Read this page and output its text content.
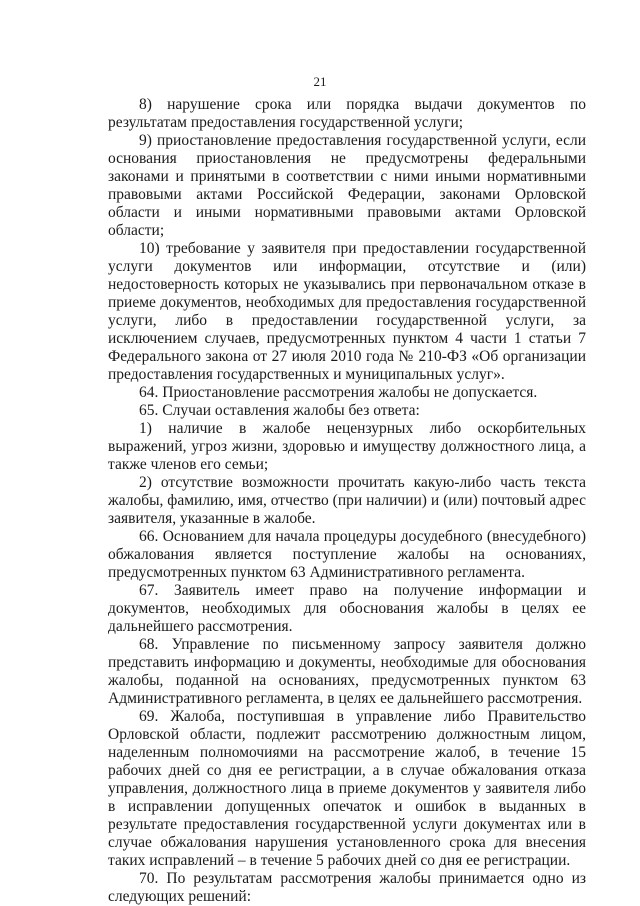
21

8) нарушение срока или порядка выдачи документов по результатам предоставления государственной услуги;

9) приостановление предоставления государственной услуги, если основания приостановления не предусмотрены федеральными законами и принятыми в соответствии с ними иными нормативными правовыми актами Российской Федерации, законами Орловской области и иными нормативными правовыми актами Орловской области;

10) требование у заявителя при предоставлении государственной услуги документов или информации, отсутствие и (или) недостоверность которых не указывались при первоначальном отказе в приеме документов, необходимых для предоставления государственной услуги, либо в предоставлении государственной услуги, за исключением случаев, предусмотренных пунктом 4 части 1 статьи 7 Федерального закона от 27 июля 2010 года № 210-ФЗ «Об организации предоставления государственных и муниципальных услуг».

64. Приостановление рассмотрения жалобы не допускается.

65. Случаи оставления жалобы без ответа:

1) наличие в жалобе нецензурных либо оскорбительных выражений, угроз жизни, здоровью и имуществу должностного лица, а также членов его семьи;

2) отсутствие возможности прочитать какую-либо часть текста жалобы, фамилию, имя, отчество (при наличии) и (или) почтовый адрес заявителя, указанные в жалобе.

66. Основанием для начала процедуры досудебного (внесудебного) обжалования является поступление жалобы на основаниях, предусмотренных пунктом 63 Административного регламента.

67. Заявитель имеет право на получение информации и документов, необходимых для обоснования жалобы в целях ее дальнейшего рассмотрения.

68. Управление по письменному запросу заявителя должно представить информацию и документы, необходимые для обоснования жалобы, поданной на основаниях, предусмотренных пунктом 63 Административного регламента, в целях ее дальнейшего рассмотрения.

69. Жалоба, поступившая в управление либо Правительство Орловской области, подлежит рассмотрению должностным лицом, наделенным полномочиями на рассмотрение жалоб, в течение 15 рабочих дней со дня ее регистрации, а в случае обжалования отказа управления, должностного лица в приеме документов у заявителя либо в исправлении допущенных опечаток и ошибок в выданных в результате предоставления государственной услуги документах или в случае обжалования нарушения установленного срока для внесения таких исправлений – в течение 5 рабочих дней со дня ее регистрации.

70. По результатам рассмотрения жалобы принимается одно из следующих решений:
